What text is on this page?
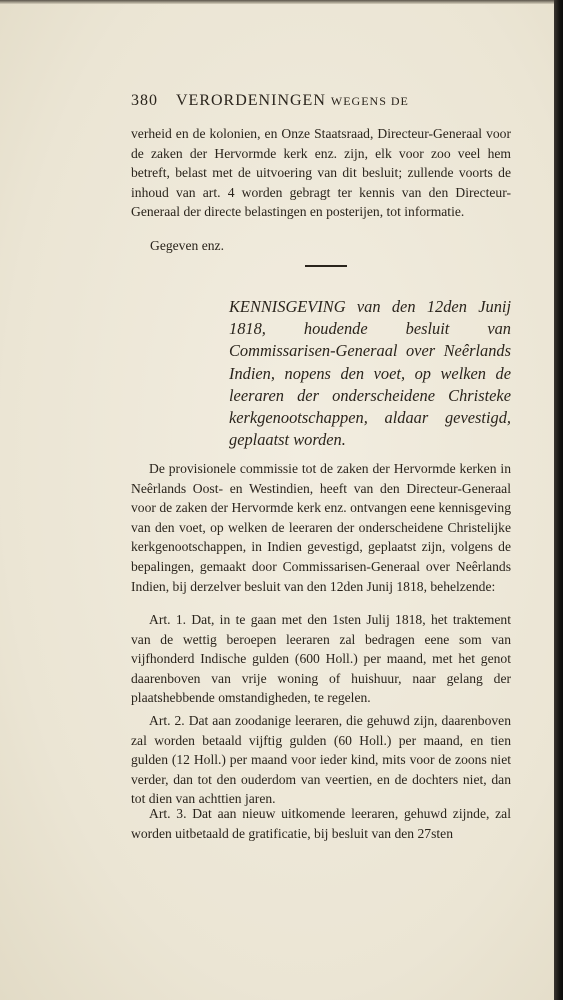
380 VERORDENINGEN WEGENS DE
verheid en de kolonien, en Onze Staatsraad, Directeur-Generaal voor de zaken der Hervormde kerk enz. zijn, elk voor zoo veel hem betreft, belast met de uitvoering van dit besluit; zullende voorts de inhoud van art. 4 worden gebragt ter kennis van den Directeur-Generaal der directe belastingen en posterijen, tot informatie.
Gegeven enz.
KENNISGEVING van den 12den Junij 1818, houdende besluit van Commissarisen-Generaal over Neêrlands Indien, nopens den voet, op welken de leeraren der onderscheidene Christeke kerkgenootschappen, aldaar gevestigd, geplaatst worden.
De provisionele commissie tot de zaken der Hervormde kerken in Neêrlands Oost- en Westindien, heeft van den Directeur-Generaal voor de zaken der Hervormde kerk enz. ontvangen eene kennisgeving van den voet, op welken de leeraren der onderscheidene Christelijke kerkgenootschappen, in Indien gevestigd, geplaatst zijn, volgens de bepalingen, gemaakt door Commissarisen-Generaal over Neêrlands Indien, bij derzelver besluit van den 12den Junij 1818, behelzende:
Art. 1. Dat, in te gaan met den 1sten Julij 1818, het traktement van de wettig beroepen leeraren zal bedragen eene som van vijfhonderd Indische gulden (600 Holl.) per maand, met het genot daarenboven van vrije woning of huishuur, naar gelang der plaatshebbende omstandigheden, te regelen.
Art. 2. Dat aan zoodanige leeraren, die gehuwd zijn, daarenboven zal worden betaald vijftig gulden (60 Holl.) per maand, en tien gulden (12 Holl.) per maand voor ieder kind, mits voor de zoons niet verder, dan tot den ouderdom van veertien, en de dochters niet, dan tot dien van achttien jaren.
Art. 3. Dat aan nieuw uitkomende leeraren, gehuwd zijnde, zal worden uitbetaald de gratificatie, bij besluit van den 27sten
